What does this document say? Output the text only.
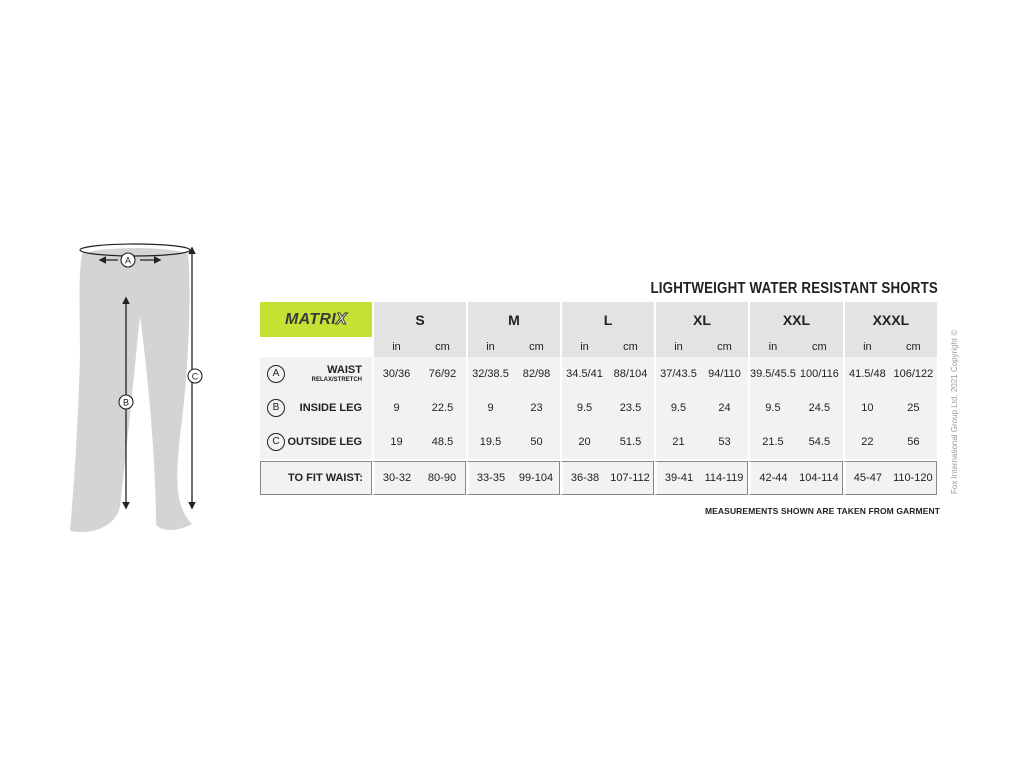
A
B
C
LIGHTWEIGHT WATER RESISTANT SHORTS
MATRIX	S		M		L		XL		XXL		XXXL	
	in	cm	in	cm	in	cm	in	cm	in	cm	in	cm

A WAIST
RELAX/STRETCH	30/36	76/92	32/38.5	82/98	34.5/41	88/104	37/43.5	94/110	39.5/45.5	100/116	41.5/48	106/122

B INSIDE LEG	9	22.5	9	23	9.5	23.5	9.5	24	9.5	24.5	10	25

C OUTSIDE LEG	19	48.5	19.5	50	20	51.5	21	53	21.5	54.5	22	56

TO FIT WAIST:	30-32	80-90	33-35	99-104	36-38	107-112	39-41	114-119	42-44	104-114	45-47	110-120
MEASUREMENTS SHOWN ARE TAKEN FROM GARMENT
Fox International Group Ltd. 2021 Copyright ©
